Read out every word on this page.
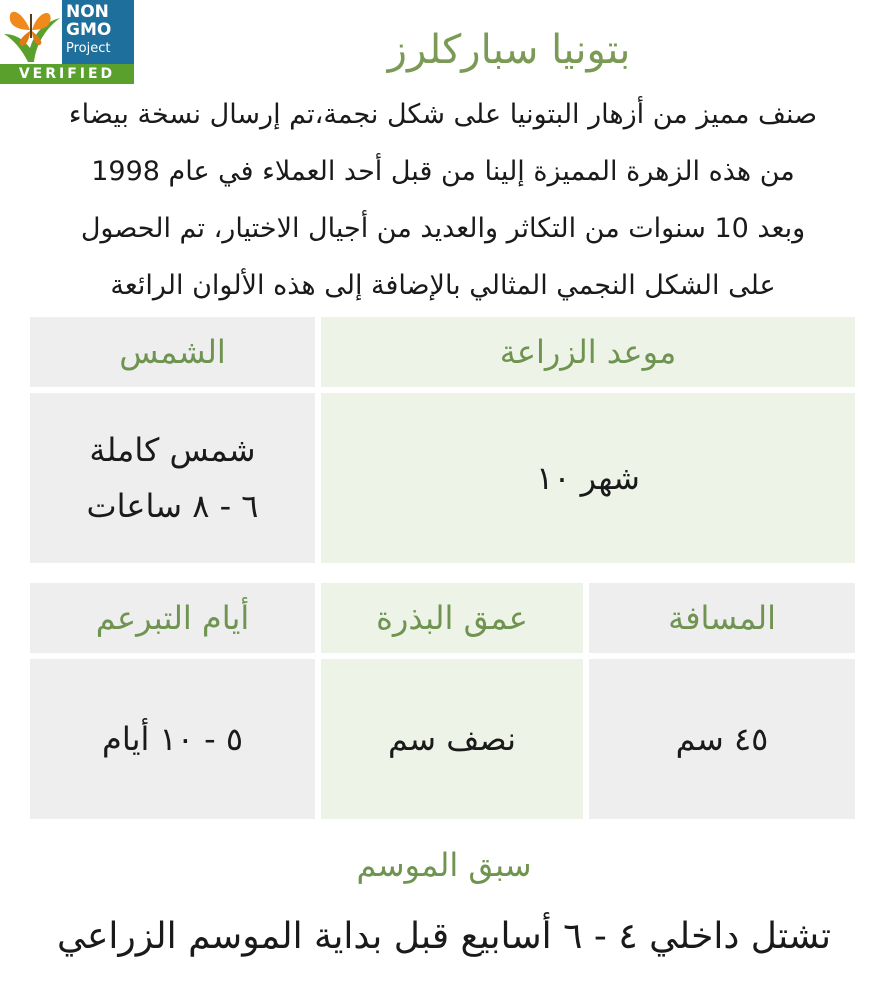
NON
GMO
Project
VERIFIED
بتونيا سباركلرز
صنف مميز من أزهار البتونيا على شكل نجمة،تم إرسال نسخة بيضاء
من هذه الزهرة المميزة إلينا من قبل أحد العملاء في عام 1998
وبعد 10 سنوات من التكاثر والعديد من أجيال الاختيار، تم الحصول
على الشكل النجمي المثالي بالإضافة إلى هذه الألوان الرائعة
موعد الزراعة
الشمس
شهر ١٠
شمس كاملة
٦ - ٨ ساعات
المسافة
عمق البذرة
أيام التبرعم
٤٥ سم
نصف سم
٥ - ١٠ أيام
سبق الموسم
تشتل داخلي ٤ - ٦ أسابيع قبل بداية الموسم الزراعي
